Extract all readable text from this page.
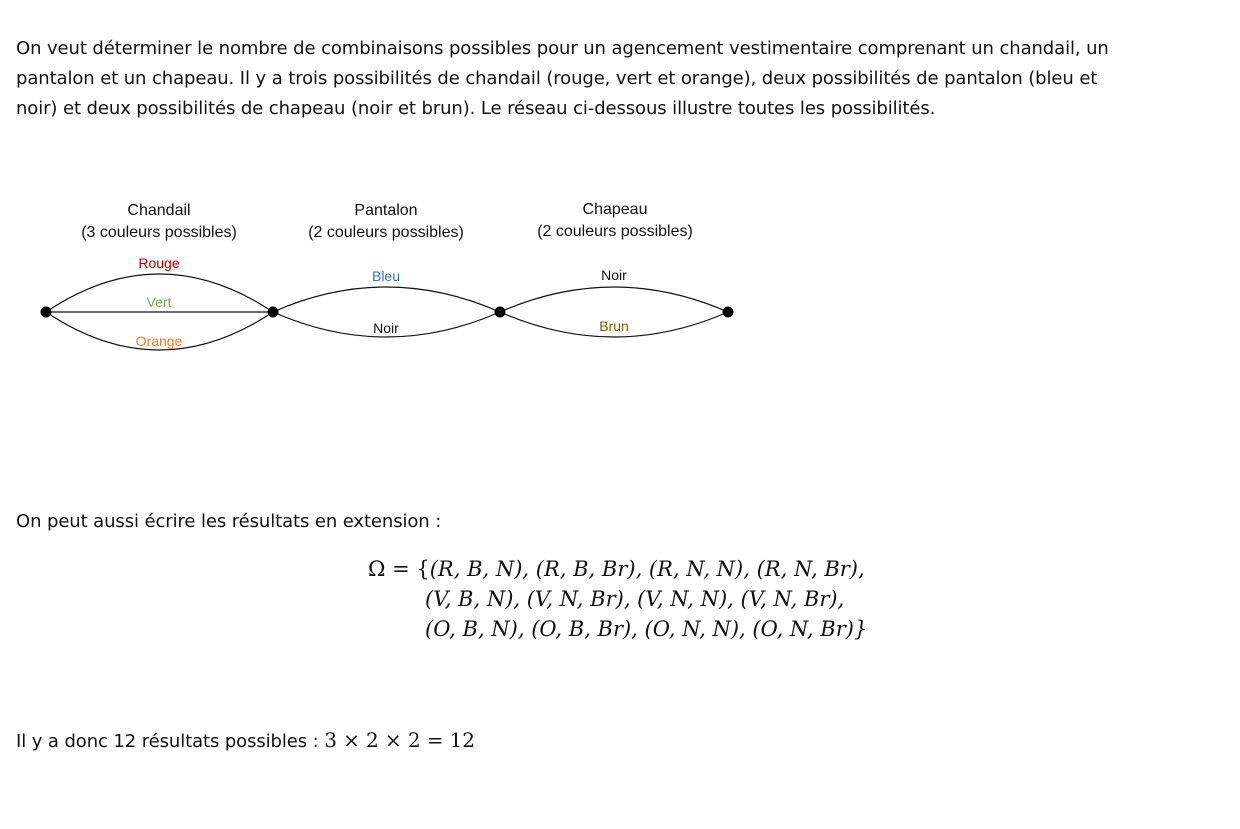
On veut déterminer le nombre de combinaisons possibles pour un agencement vestimentaire comprenant un chandail, un
pantalon et un chapeau. Il y a trois possibilités de chandail (rouge, vert et orange), deux possibilités de pantalon (bleu et
noir) et deux possibilités de chapeau (noir et brun). Le réseau ci-dessous illustre toutes les possibilités.

Chandail
(3 couleurs possibles)
Pantalon
(2 couleurs possibles)
Chapeau
(2 couleurs possibles)
Rouge
Vert
Orange
Bleu
Noir
Noir
Brun

On peut aussi écrire les résultats en extension :

Ω = {(R, B, N), (R, B, Br), (R, N, N), (R, N, Br),
(V, B, N), (V, N, Br), (V, N, N), (V, N, Br),
(O, B, N), (O, B, Br), (O, N, N), (O, N, Br)}

Il y a donc 12 résultats possibles : 3 × 2 × 2 = 12
